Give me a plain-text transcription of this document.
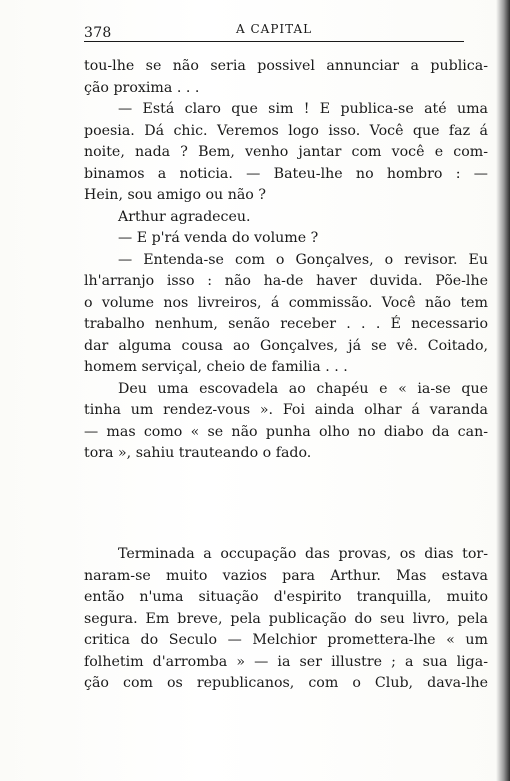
378	A CAPITAL
tou-lhe se não seria possivel annunciar a publica-
ção proxima . . .
— Está claro que sim ! E publica-se até uma
poesia. Dá chic. Veremos logo isso. Você que faz á
noite, nada ? Bem, venho jantar com você e com-
binamos a noticia. — Bateu-lhe no hombro : —
Hein, sou amigo ou não ?
Arthur agradeceu.
— E p'rá venda do volume ?
— Entenda-se com o Gonçalves, o revisor. Eu
lh'arranjo isso : não ha-de haver duvida. Põe-lhe
o volume nos livreiros, á commissão. Você não tem
trabalho nenhum, senão receber . . . É necessario
dar alguma cousa ao Gonçalves, já se vê. Coitado,
homem serviçal, cheio de familia . . .
Deu uma escovadela ao chapéu e « ia-se que
tinha um rendez-vous ». Foi ainda olhar á varanda
— mas como « se não punha olho no diabo da can-
tora », sahiu trauteando o fado.
Terminada a occupação das provas, os dias tor-
naram-se muito vazios para Arthur. Mas estava
então n'uma situação d'espirito tranquilla, muito
segura. Em breve, pela publicação do seu livro, pela
critica do Seculo — Melchior promettera-lhe « um
folhetim d'arromba » — ia ser illustre ; a sua liga-
ção com os republicanos, com o Club, dava-lhe
